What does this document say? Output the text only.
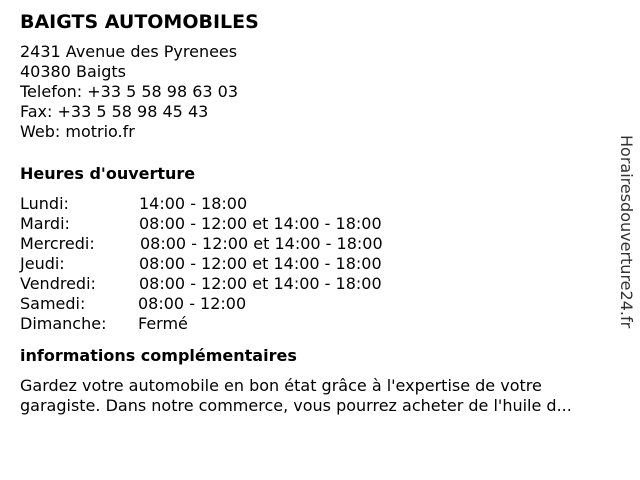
BAIGTS AUTOMOBILES
2431 Avenue des Pyrenees
40380 Baigts
Telefon: +33 5 58 98 63 03
Fax: +33 5 58 98 45 43
Web: motrio.fr
Heures d'ouverture
Lundi:	14:00 - 18:00
Mardi:	08:00 - 12:00 et 14:00 - 18:00
Mercredi:	08:00 - 12:00 et 14:00 - 18:00
Jeudi:	08:00 - 12:00 et 14:00 - 18:00
Vendredi:	08:00 - 12:00 et 14:00 - 18:00
Samedi:	08:00 - 12:00
Dimanche: Fermé
informations complémentaires
Gardez votre automobile en bon état grâce à l'expertise de votre
garagiste. Dans notre commerce, vous pourrez acheter de l'huile d...
Horairesdouverture24.fr
